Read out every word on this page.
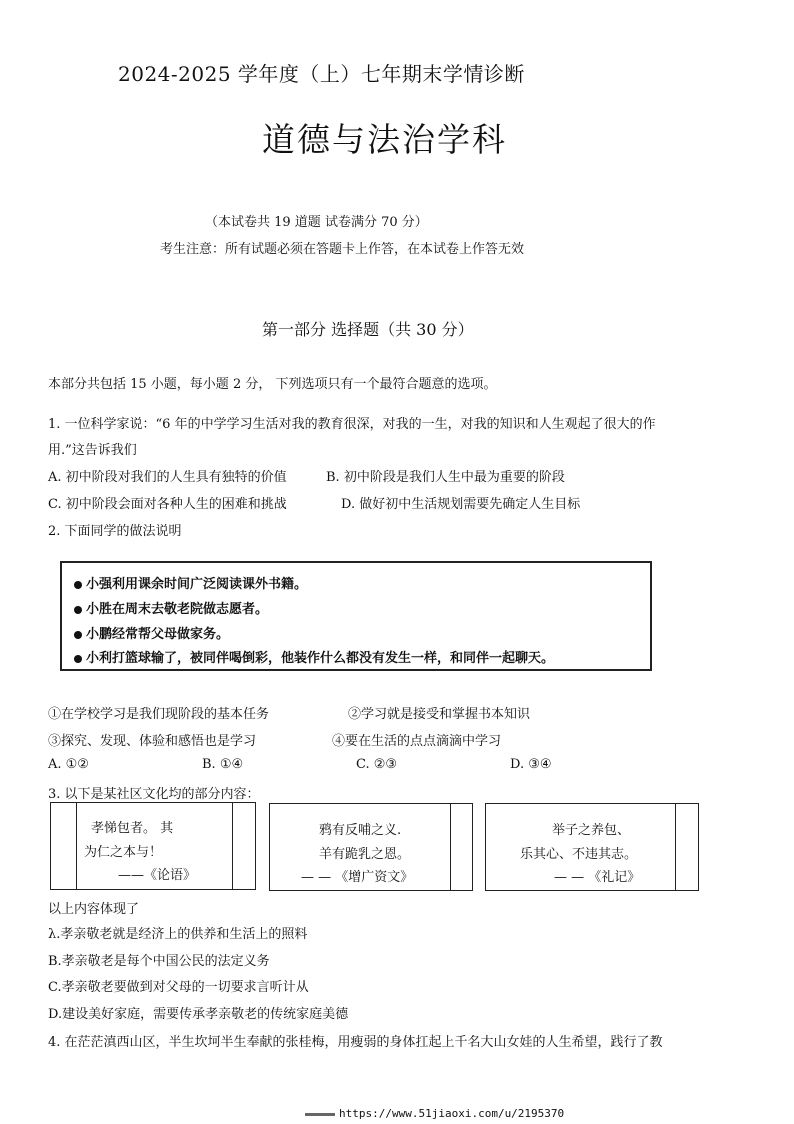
2024-2025 学年度（上）七年期末学情诊断
道德与法治学科
（本试卷共 19 道题 试卷满分 70 分）
考生注意：所有试题必须在答题卡上作答，在本试卷上作答无效
第一部分 选择题（共 30 分）
本部分共包括 15 小题，每小题 2 分， 下列选项只有一个最符合题意的选项。
1. 一位科学家说：“6 年的中学学习生活对我的教育很深，对我的一生，对我的知识和人生观起了很大的作
用.”这告诉我们
A. 初中阶段对我们的人生具有独特的价值	B. 初中阶段是我们人生中最为重要的阶段
C. 初中阶段会面对各种人生的困难和挑战	D. 做好初中生活规划需要先确定人生目标
2. 下面同学的做法说明
小强利用课余时间广泛阅读课外书籍。
小胜在周末去敬老院做志愿者。
小鹏经常帮父母做家务。
小利打篮球输了，被同伴喝倒彩，他装作什么都没有发生一样，和同伴一起聊天。
①在学校学习是我们现阶段的基本任务	②学习就是接受和掌握书本知识
③探究、发现、体验和感悟也是学习	④要在生活的点点滴滴中学习
A. ①②	B. ①④	C. ②③	D. ③④
3. 以下是某社区文化均的部分内容：
孝悌包者。 其
为仁之本与！
——《论语》
鸦有反哺之义.
羊有跪乳之恩。
— — 《增广资文》
举子之养包、
乐其心、不违其志。
— — 《礼记》
以上内容体现了
λ.孝亲敬老就是经济上的供养和生活上的照料
B.孝亲敬老是每个中国公民的法定义务
C.孝亲敬老要做到对父母的一切要求言听计从
D.建设美好家庭，需要传承孝亲敬老的传统家庭美德
4. 在茫茫滇西山区，半生坎坷半生奉献的张桂梅，用瘦弱的身体扛起上千名大山女娃的人生希望，践行了教
https://www.51jiaoxi.com/u/2195370
